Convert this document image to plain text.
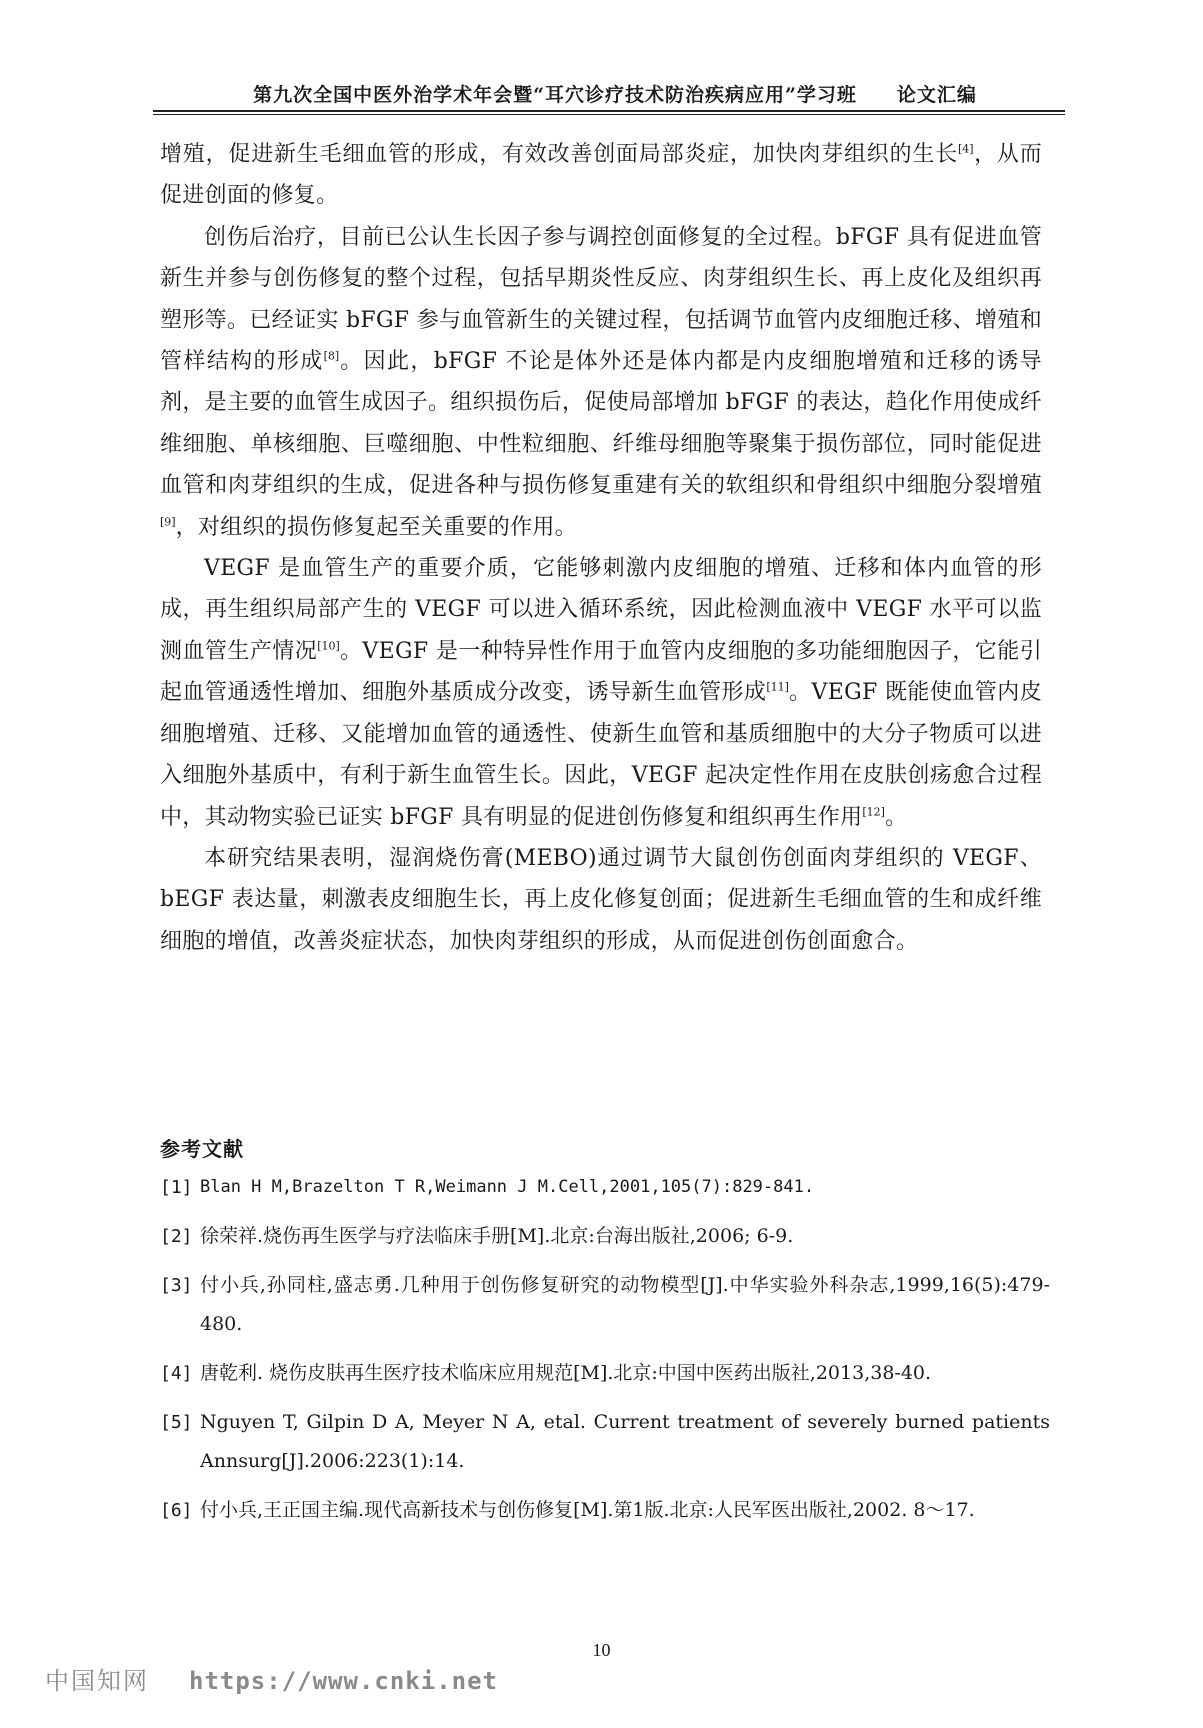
第九次全国中医外治学术年会暨“耳穴诊疗技术防治疾病应用”学习班 论文汇编

增殖，促进新生毛细血管的形成，有效改善创面局部炎症，加快肉芽组织的生长[4]，从而促进创面的修复。

创伤后治疗，目前已公认生长因子参与调控创面修复的全过程。bFGF 具有促进血管新生并参与创伤修复的整个过程，包括早期炎性反应、肉芽组织生长、再上皮化及组织再塑形等。已经证实 bFGF 参与血管新生的关键过程，包括调节血管内皮细胞迁移、增殖和管样结构的形成[8]。因此，bFGF 不论是体外还是体内都是内皮细胞增殖和迁移的诱导剂，是主要的血管生成因子。组织损伤后，促使局部增加 bFGF 的表达，趋化作用使成纤维细胞、单核细胞、巨噬细胞、中性粒细胞、纤维母细胞等聚集于损伤部位，同时能促进血管和肉芽组织的生成，促进各种与损伤修复重建有关的软组织和骨组织中细胞分裂增殖[9]，对组织的损伤修复起至关重要的作用。

VEGF 是血管生产的重要介质，它能够刺激内皮细胞的增殖、迁移和体内血管的形成，再生组织局部产生的 VEGF 可以进入循环系统，因此检测血液中 VEGF 水平可以监测血管生产情况[10]。VEGF 是一种特异性作用于血管内皮细胞的多功能细胞因子，它能引起血管通透性增加、细胞外基质成分改变，诱导新生血管形成[11]。VEGF 既能使血管内皮细胞增殖、迁移、又能增加血管的通透性、使新生血管和基质细胞中的大分子物质可以进入细胞外基质中，有利于新生血管生长。因此，VEGF 起决定性作用在皮肤创疡愈合过程中，其动物实验已证实 bFGF 具有明显的促进创伤修复和组织再生作用[12]。

本研究结果表明，湿润烧伤膏(MEBO)通过调节大鼠创伤创面肉芽组织的 VEGF、bEGF 表达量，刺激表皮细胞生长，再上皮化修复创面；促进新生毛细血管的生和成纤维细胞的增值，改善炎症状态，加快肉芽组织的形成，从而促进创伤创面愈合。

参考文献
[1] Blan H M,Brazelton T R,Weimann J M.Cell,2001,105(7):829-841.
[2] 徐荣祥.烧伤再生医学与疗法临床手册[M].北京:台海出版社,2006; 6-9.
[3] 付小兵,孙同柱,盛志勇.几种用于创伤修复研究的动物模型[J].中华实验外科杂志,1999,16(5):479-480.
[4] 唐乾利. 烧伤皮肤再生医疗技术临床应用规范[M].北京:中国中医药出版社,2013,38-40.
[5] Nguyen T, Gilpin D A, Meyer N A, etal. Current treatment of severely burned patients Annsurg[J].2006:223(1):14.
[6] 付小兵,王正国主编.现代高新技术与创伤修复[M].第1版.北京:人民军医出版社,2002. 8～17.
10
中国知网 https://www.cnki.net
